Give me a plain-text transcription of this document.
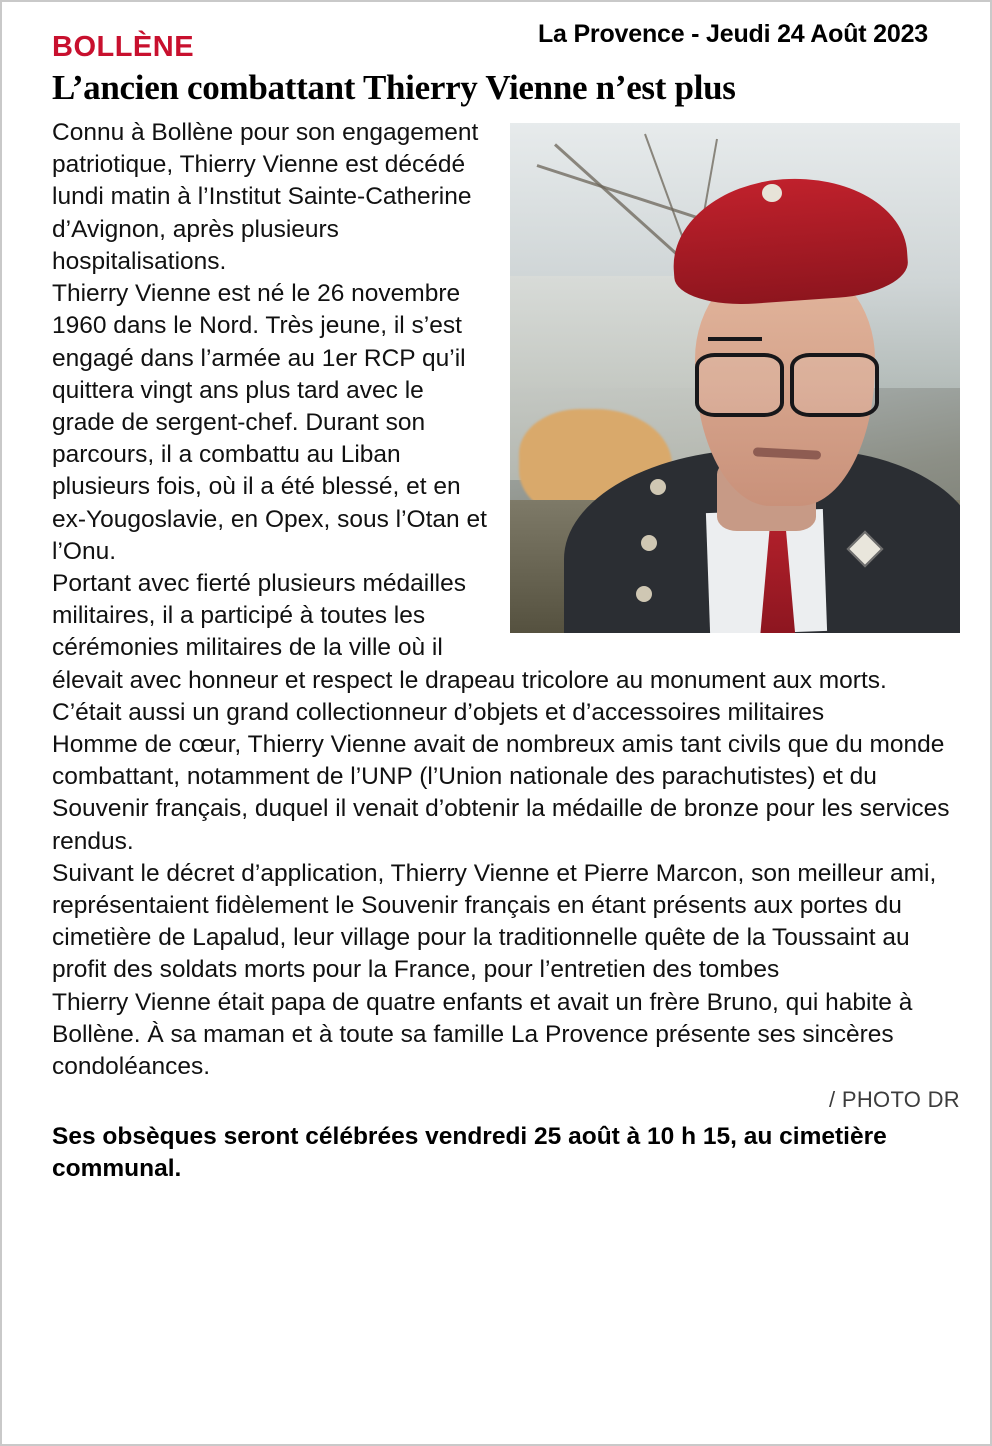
La Provence - Jeudi 24 Août 2023
BOLLÈNE
L’ancien combattant Thierry Vienne n’est plus

Connu à Bollène pour son engagement patriotique, Thierry Vienne est décédé lundi matin à l’Institut Sainte-Catherine d’Avignon, après plusieurs hospitalisations.

Thierry Vienne est né le 26 novembre 1960 dans le Nord. Très jeune, il s’est engagé dans l’armée au 1er RCP qu’il quittera vingt ans plus tard avec le grade de sergent-chef. Durant son parcours, il a combattu au Liban plusieurs fois, où il a été blessé, et en ex-Yougoslavie, en Opex, sous l’Otan et l’Onu.

Portant avec fierté plusieurs médailles militaires, il a participé à toutes les cérémonies militaires de la ville où il élevait avec honneur et respect le drapeau tricolore au monument aux morts. C’était aussi un grand collectionneur d’objets et d’accessoires militaires

Homme de cœur, Thierry Vienne avait de nombreux amis tant civils que du monde combattant, notamment de l’UNP (l’Union nationale des parachutistes) et du Souvenir français, duquel il venait d’obtenir la médaille de bronze pour les services rendus.

Suivant le décret d’application, Thierry Vienne et Pierre Marcon, son meilleur ami, représentaient fidèlement le Souvenir français en étant présents aux portes du cimetière de Lapalud, leur village pour la traditionnelle quête de la Toussaint au profit des soldats morts pour la France, pour l’entretien des tombes

Thierry Vienne était papa de quatre enfants et avait un frère Bruno, qui habite à Bollène. À sa maman et à toute sa famille La Provence présente ses sincères condoléances.

/ PHOTO DR
Ses obsèques seront célébrées vendredi 25 août à 10 h 15, au cimetière communal.
